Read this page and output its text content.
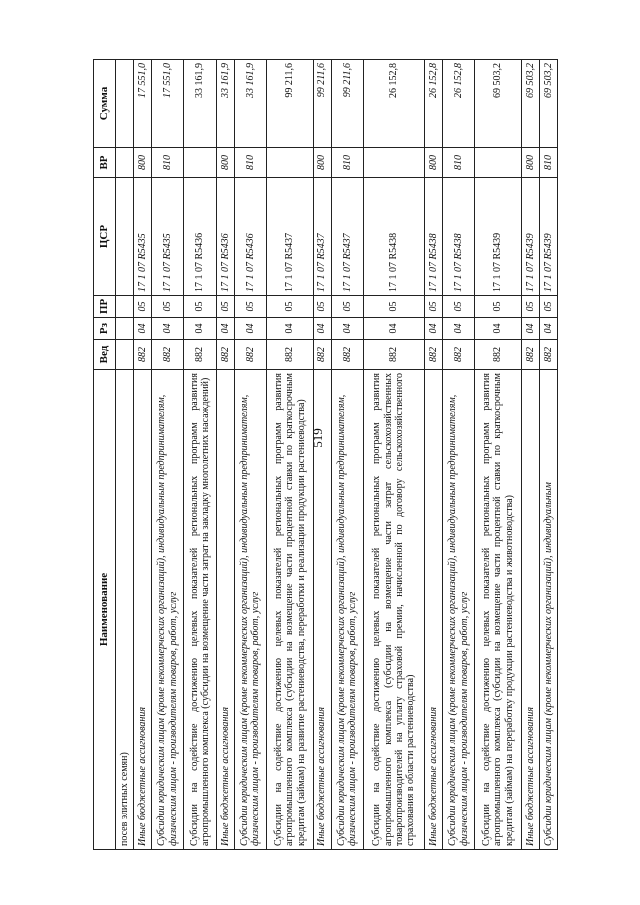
519
Наименование	Вед	Рз	ПР	ЦСР	ВР	Сумма
посев элитных семян)						
Иные бюджетные ассигнования	882	04	05	17 1 07 R5435	800	17 551,0
Субсидии юридическим лицам (кроме некоммерческих организаций), индивидуальным предпринимателям, физическим лицам - производителям товаров, работ, услуг	882	04	05	17 1 07 R5435	810	17 551,0
Субсидии на содействие достижению целевых показателей региональных программ развития агропромышленного комплекса (субсидии на возмещение части затрат на закладку многолетних насаждений)	882	04	05	17 1 07 R5436		33 161,9
Иные бюджетные ассигнования	882	04	05	17 1 07 R5436	800	33 161,9
Субсидии юридическим лицам (кроме некоммерческих организаций), индивидуальным предпринимателям, физическим лицам - производителям товаров, работ, услуг	882	04	05	17 1 07 R5436	810	33 161,9
Субсидии на содействие достижению целевых показателей региональных программ развития агропромышленного комплекса (субсидии на возмещение части процентной ставки по краткосрочным кредитам (займам) на развитие растениеводства, переработки и реализации продукции растениеводства)	882	04	05	17 1 07 R5437		99 211,6
Иные бюджетные ассигнования	882	04	05	17 1 07 R5437	800	99 211,6
Субсидии юридическим лицам (кроме некоммерческих организаций), индивидуальным предпринимателям, физическим лицам - производителям товаров, работ, услуг	882	04	05	17 1 07 R5437	810	99 211,6
Субсидии на содействие достижению целевых показателей региональных программ развития агропромышленного комплекса (субсидии на возмещение части затрат сельскохозяйственных товаропроизводителей на уплату страховой премии, начисленной по договору сельскохозяйственного страхования в области растениеводства)	882	04	05	17 1 07 R5438		26 152,8
Иные бюджетные ассигнования	882	04	05	17 1 07 R5438	800	26 152,8
Субсидии юридическим лицам (кроме некоммерческих организаций), индивидуальным предпринимателям, физическим лицам - производителям товаров, работ, услуг	882	04	05	17 1 07 R5438	810	26 152,8
Субсидии на содействие достижению целевых показателей региональных программ развития агропромышленного комплекса (субсидии на возмещение части процентной ставки по краткосрочным кредитам (займам) на переработку продукции растениеводства и животноводства)	882	04	05	17 1 07 R5439		69 503,2
Иные бюджетные ассигнования	882	04	05	17 1 07 R5439	800	69 503,2
Субсидии юридическим лицам (кроме некоммерческих организаций), индивидуальным	882	04	05	17 1 07 R5439	810	69 503,2
